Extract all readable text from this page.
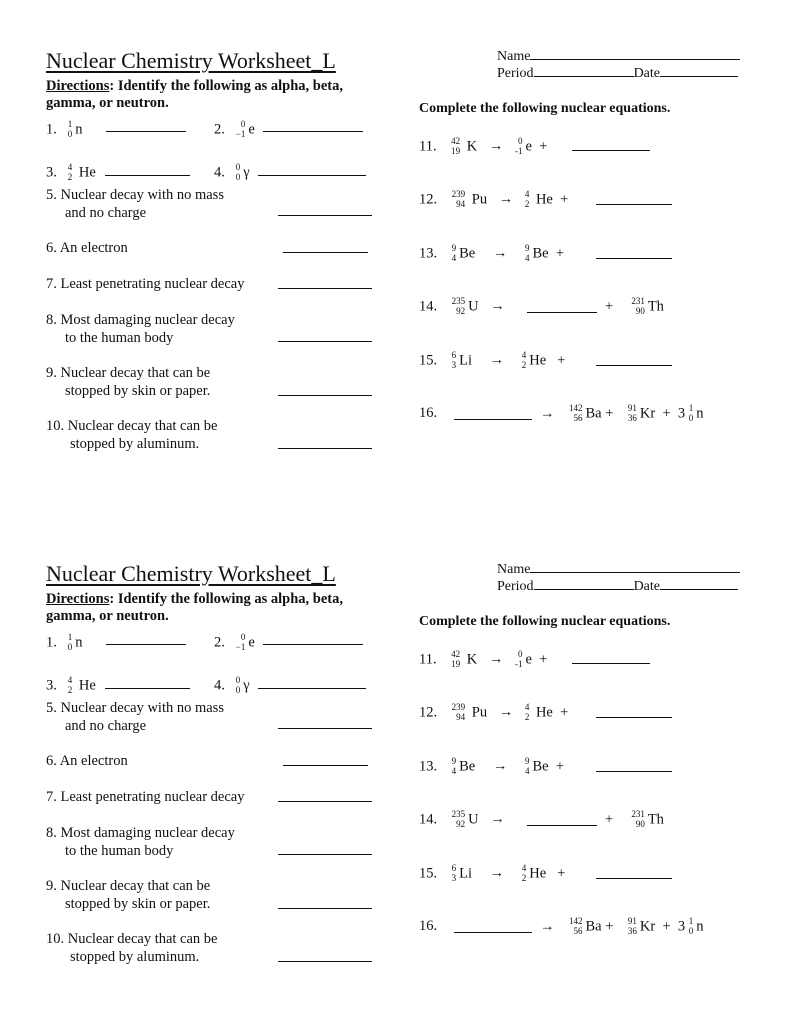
Nuclear Chemistry Worksheet_L
Directions: Identify the following as alpha, beta,
gamma, or neutron.
Name
Period	Date
Complete the following nuclear equations.
1. 1
0 n	2. 0
−1 e
3. 4
2 He	4. 0
0 γ
5. Nuclear decay with no mass
and no charge
6. An electron
7. Least penetrating nuclear decay
8. Most damaging nuclear decay
to the human body
9. Nuclear decay that can be
stopped by skin or paper.
10. Nuclear decay that can be
stopped by aluminum.
11. 42
19 K → 0
-1 e +
12. 239
94 Pu → 4
2 He +
13. 9
4 Be → 9
4 Be +
14. 235
92 U →	+ 231
90 Th
15. 6
3 Li → 4
2 He +
16.	→ 142
56 Ba + 91
36 Kr + 3 1
0 n
Nuclear Chemistry Worksheet_L
Directions: Identify the following as alpha, beta,
gamma, or neutron.
Name
Period	Date
Complete the following nuclear equations.
1. 1
0 n	2. 0
−1 e
3. 4
2 He	4. 0
0 γ
5. Nuclear decay with no mass
and no charge
6. An electron
7. Least penetrating nuclear decay
8. Most damaging nuclear decay
to the human body
9. Nuclear decay that can be
stopped by skin or paper.
10. Nuclear decay that can be
stopped by aluminum.
11. 42
19 K → 0
-1 e +
12. 239
94 Pu → 4
2 He +
13. 9
4 Be → 9
4 Be +
14. 235
92 U →	+ 231
90 Th
15. 6
3 Li → 4
2 He +
16.	→ 142
56 Ba + 91
36 Kr + 3 1
0 n
